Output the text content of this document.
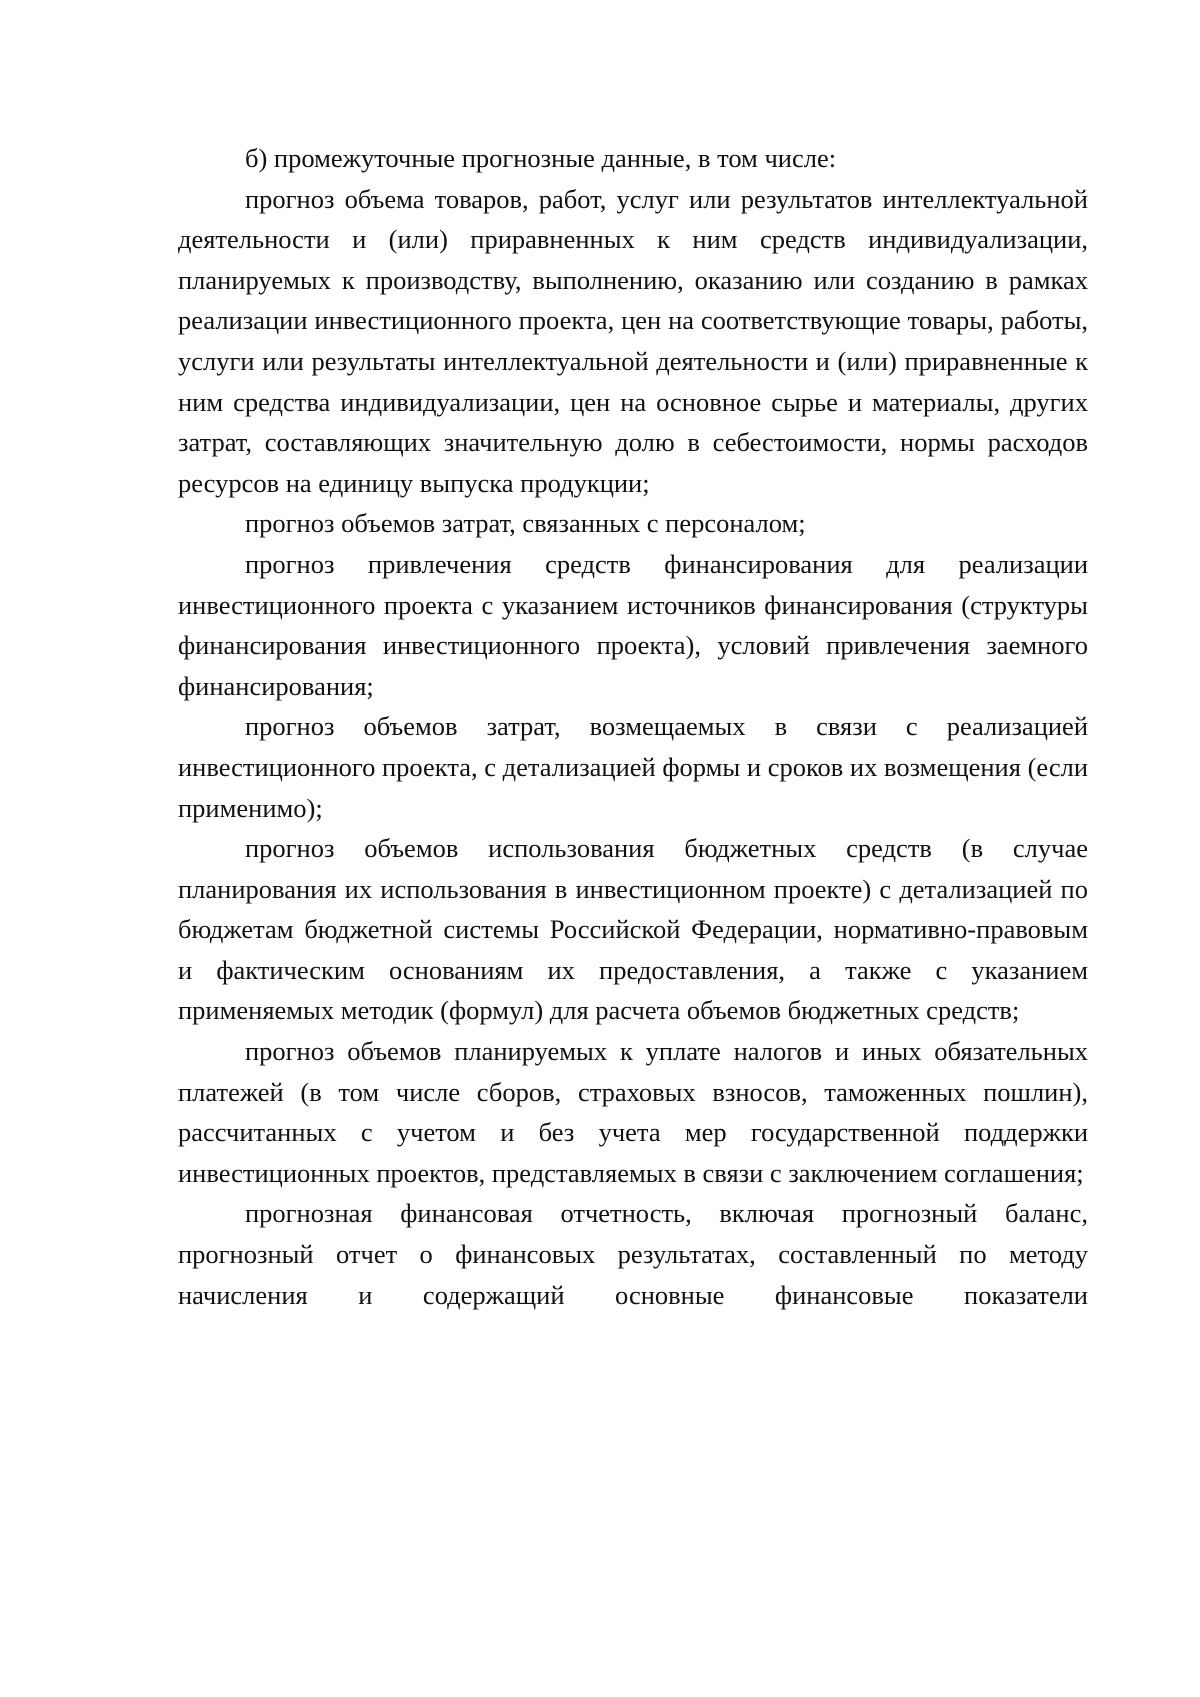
б) промежуточные прогнозные данные, в том числе:

прогноз объема товаров, работ, услуг или результатов интеллектуальной деятельности и (или) приравненных к ним средств индивидуализации, планируемых к производству, выполнению, оказанию или созданию в рамках реализации инвестиционного проекта, цен на соответствующие товары, работы, услуги или результаты интеллектуальной деятельности и (или) приравненные к ним средства индивидуализации, цен на основное сырье и материалы, других затрат, составляющих значительную долю в себестоимости, нормы расходов ресурсов на единицу выпуска продукции;

прогноз объемов затрат, связанных с персоналом;

прогноз привлечения средств финансирования для реализации инвестиционного проекта с указанием источников финансирования (структуры финансирования инвестиционного проекта), условий привлечения заемного финансирования;

прогноз объемов затрат, возмещаемых в связи с реализацией инвестиционного проекта, с детализацией формы и сроков их возмещения (если применимо);

прогноз объемов использования бюджетных средств (в случае планирования их использования в инвестиционном проекте) с детализацией по бюджетам бюджетной системы Российской Федерации, нормативно-правовым и фактическим основаниям их предоставления, а также с указанием применяемых методик (формул) для расчета объемов бюджетных средств;

прогноз объемов планируемых к уплате налогов и иных обязательных платежей (в том числе сборов, страховых взносов, таможенных пошлин), рассчитанных с учетом и без учета мер государственной поддержки инвестиционных проектов, представляемых в связи с заключением соглашения;

прогнозная финансовая отчетность, включая прогнозный баланс, прогнозный отчет о финансовых результатах, составленный по методу начисления и содержащий основные финансовые показатели
